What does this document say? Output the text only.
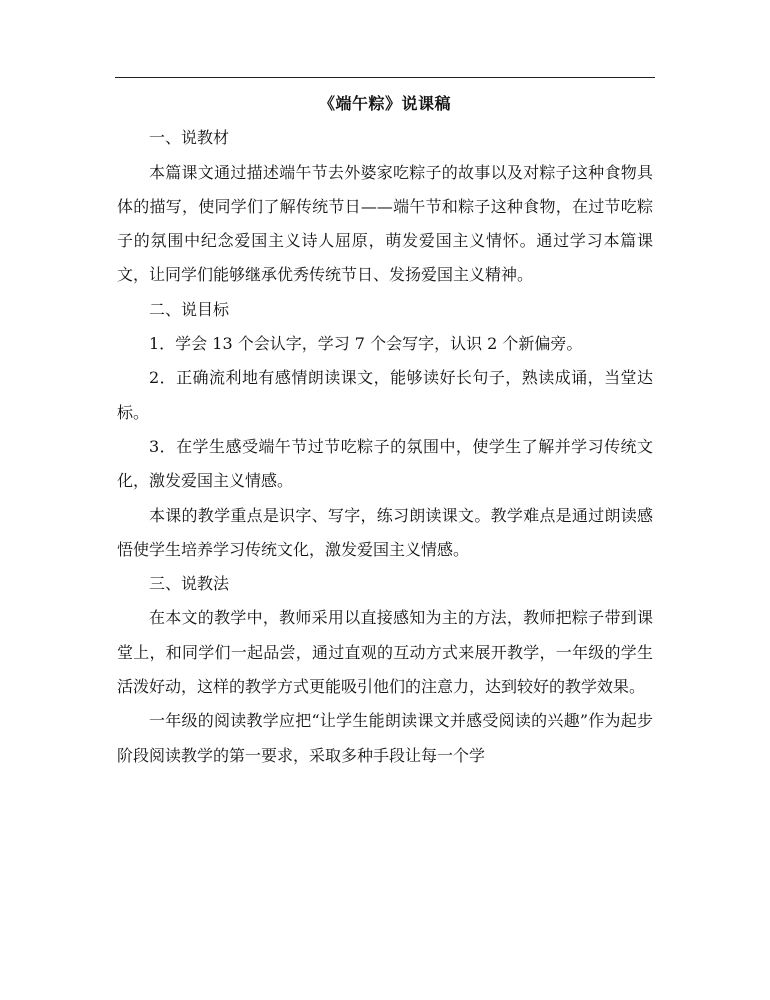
《端午粽》说课稿

一、说教材

本篇课文通过描述端午节去外婆家吃粽子的故事以及对粽子这种食物具体的描写，使同学们了解传统节日——端午节和粽子这种食物，在过节吃粽子的氛围中纪念爱国主义诗人屈原，萌发爱国主义情怀。通过学习本篇课文，让同学们能够继承优秀传统节日、发扬爱国主义精神。

二、说目标

1．学会 13 个会认字，学习 7 个会写字，认识 2 个新偏旁。

2．正确流利地有感情朗读课文，能够读好长句子，熟读成诵，当堂达标。

3．在学生感受端午节过节吃粽子的氛围中，使学生了解并学习传统文化，激发爱国主义情感。

本课的教学重点是识字、写字，练习朗读课文。教学难点是通过朗读感悟使学生培养学习传统文化，激发爱国主义情感。

三、说教法

在本文的教学中，教师采用以直接感知为主的方法，教师把粽子带到课堂上，和同学们一起品尝，通过直观的互动方式来展开教学，一年级的学生活泼好动，这样的教学方式更能吸引他们的注意力，达到较好的教学效果。

一年级的阅读教学应把“让学生能朗读课文并感受阅读的兴趣”作为起步阶段阅读教学的第一要求，采取多种手段让每一个学
